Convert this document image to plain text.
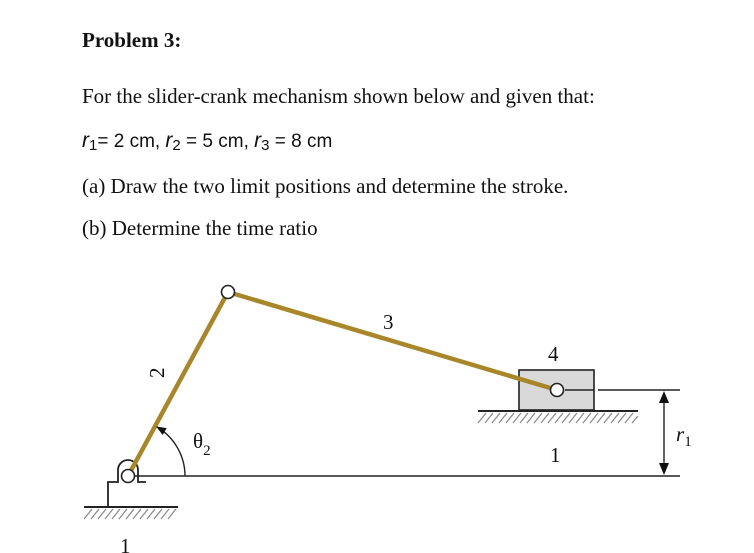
Problem 3:
For the slider-crank mechanism shown below and given that:
$r_1= 2$ cm, $r_2 = 5$ cm, $r_3 = 8$ cm
(a) Draw the two limit positions and determine the stroke.
(b) Determine the time ratio
2
3
4
1
1
$\theta_2$
$r_1$
